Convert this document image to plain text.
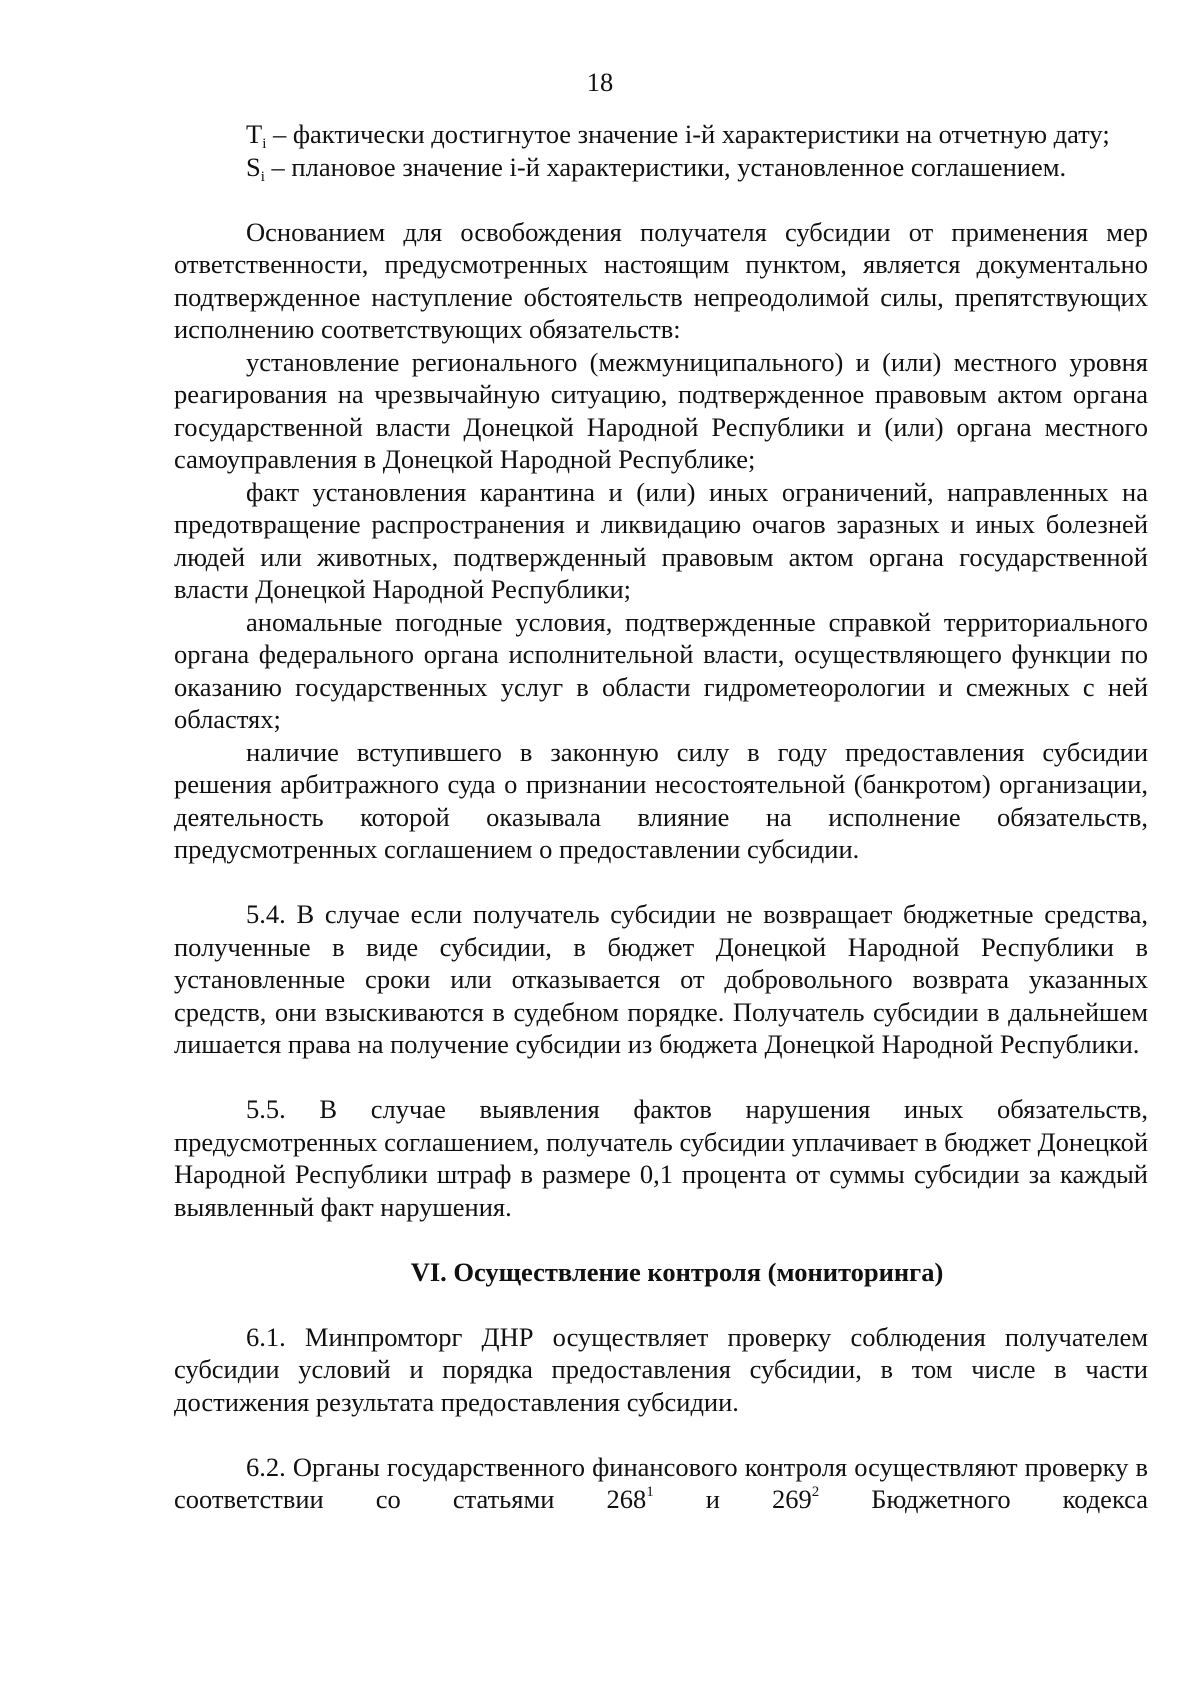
18

$T_i$ – фактически достигнутое значение i-й характеристики на отчетную дату;

$S_i$ – плановое значение i-й характеристики, установленное соглашением.

Основанием для освобождения получателя субсидии от применения мер ответственности, предусмотренных настоящим пунктом, является документально подтвержденное наступление обстоятельств непреодолимой силы, препятствующих исполнению соответствующих обязательств:

установление регионального (межмуниципального) и (или) местного уровня реагирования на чрезвычайную ситуацию, подтвержденное правовым актом органа государственной власти Донецкой Народной Республики и (или) органа местного самоуправления в Донецкой Народной Республике;

факт установления карантина и (или) иных ограничений, направленных на предотвращение распространения и ликвидацию очагов заразных и иных болезней людей или животных, подтвержденный правовым актом органа государственной власти Донецкой Народной Республики;

аномальные погодные условия, подтвержденные справкой территориального органа федерального органа исполнительной власти, осуществляющего функции по оказанию государственных услуг в области гидрометеорологии и смежных с ней областях;

наличие вступившего в законную силу в году предоставления субсидии решения арбитражного суда о признании несостоятельной (банкротом) организации, деятельность которой оказывала влияние на исполнение обязательств, предусмотренных соглашением о предоставлении субсидии.

5.4. В случае если получатель субсидии не возвращает бюджетные средства, полученные в виде субсидии, в бюджет Донецкой Народной Республики в установленные сроки или отказывается от добровольного возврата указанных средств, они взыскиваются в судебном порядке. Получатель субсидии в дальнейшем лишается права на получение субсидии из бюджета Донецкой Народной Республики.

5.5. В случае выявления фактов нарушения иных обязательств, предусмотренных соглашением, получатель субсидии уплачивает в бюджет Донецкой Народной Республики штраф в размере 0,1 процента от суммы субсидии за каждый выявленный факт нарушения.

VI. Осуществление контроля (мониторинга)

6.1. Минпромторг ДНР осуществляет проверку соблюдения получателем субсидии условий и порядка предоставления субсидии, в том числе в части достижения результата предоставления субсидии.

6.2. Органы государственного финансового контроля осуществляют проверку в соответствии со статьями $268^1$ и $269^2$ Бюджетного кодекса
